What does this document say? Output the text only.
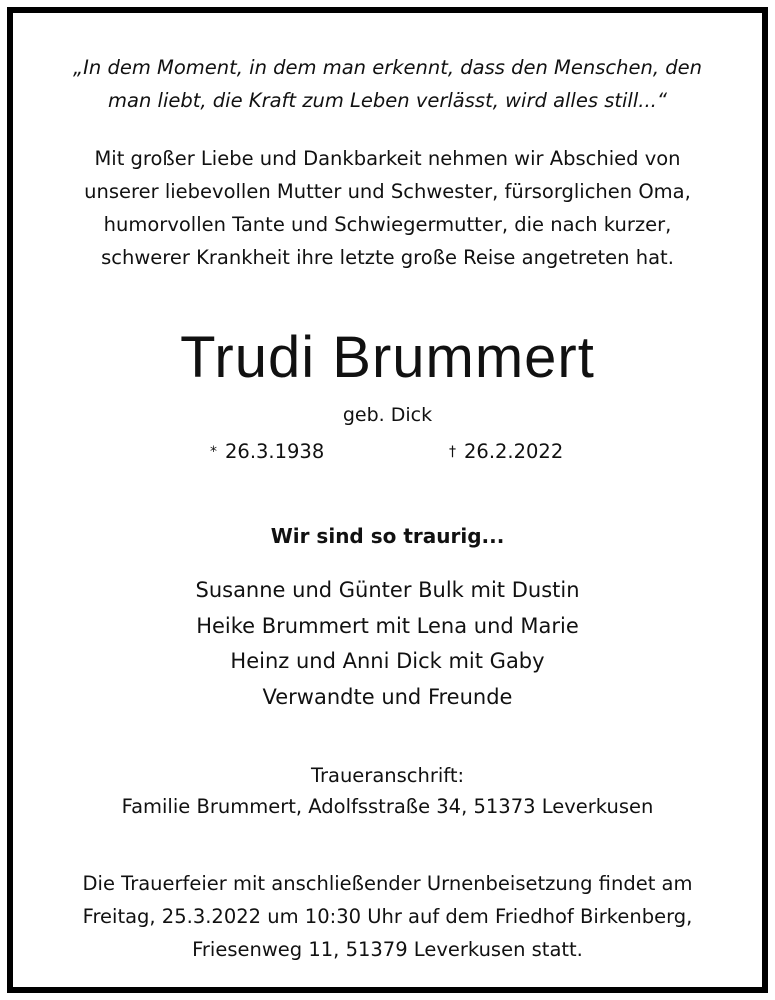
„In dem Moment, in dem man erkennt, dass den Menschen, den
man liebt, die Kraft zum Leben verlässt, wird alles still...“
Mit großer Liebe und Dankbarkeit nehmen wir Abschied von
unserer liebevollen Mutter und Schwester, fürsorglichen Oma,
humorvollen Tante und Schwiegermutter, die nach kurzer,
schwerer Krankheit ihre letzte große Reise angetreten hat.
Trudi Brummert
geb. Dick
* 26.3.1938	† 26.2.2022
Wir sind so traurig...
Susanne und Günter Bulk mit Dustin
Heike Brummert mit Lena und Marie
Heinz und Anni Dick mit Gaby
Verwandte und Freunde
Traueranschrift:
Familie Brummert, Adolfsstraße 34, 51373 Leverkusen
Die Trauerfeier mit anschließender Urnenbeisetzung findet am
Freitag, 25.3.2022 um 10:30 Uhr auf dem Friedhof Birkenberg,
Friesenweg 11, 51379 Leverkusen statt.
